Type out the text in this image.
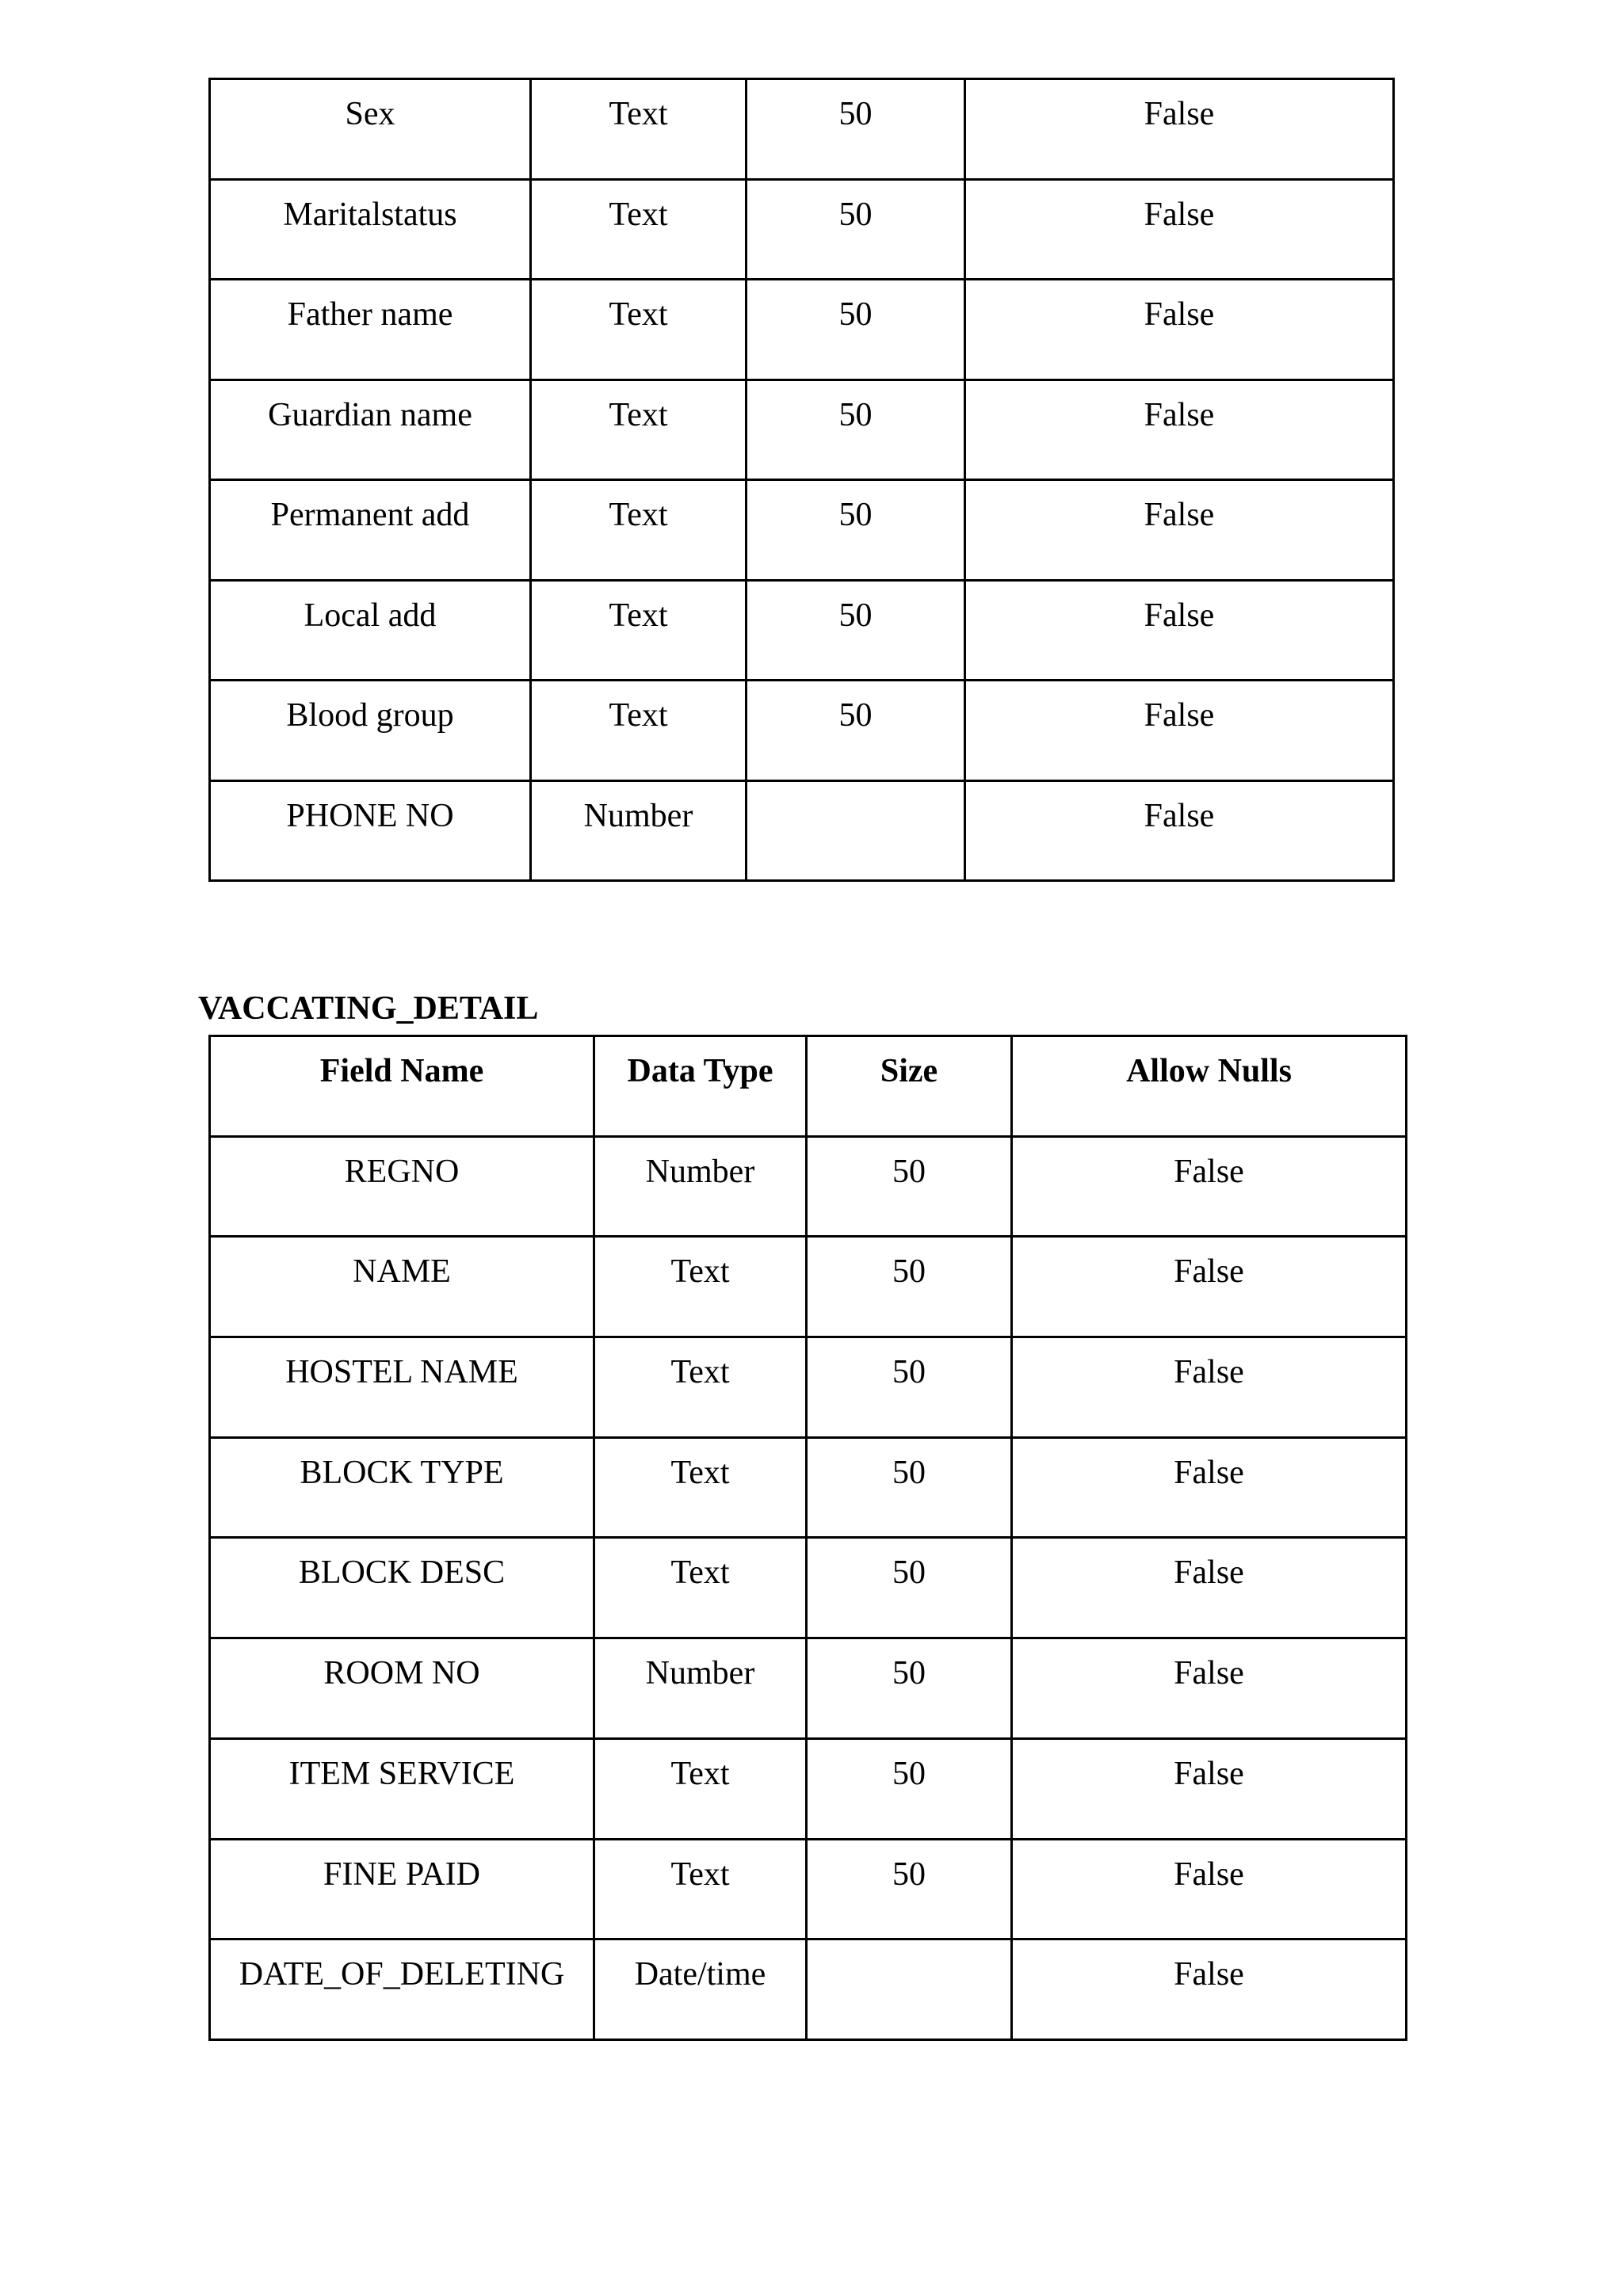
Sex	Text	50	False
Maritalstatus	Text	50	False
Father name	Text	50	False
Guardian name	Text	50	False
Permanent add	Text	50	False
Local add	Text	50	False
Blood group	Text	50	False
PHONE NO	Number		False
VACCATING_DETAIL
Field Name	Data Type	Size	Allow Nulls
REGNO	Number	50	False
NAME	Text	50	False
HOSTEL NAME	Text	50	False
BLOCK TYPE	Text	50	False
BLOCK DESC	Text	50	False
ROOM NO	Number	50	False
ITEM SERVICE	Text	50	False
FINE PAID	Text	50	False
DATE_OF_DELETING	Date/time		False
